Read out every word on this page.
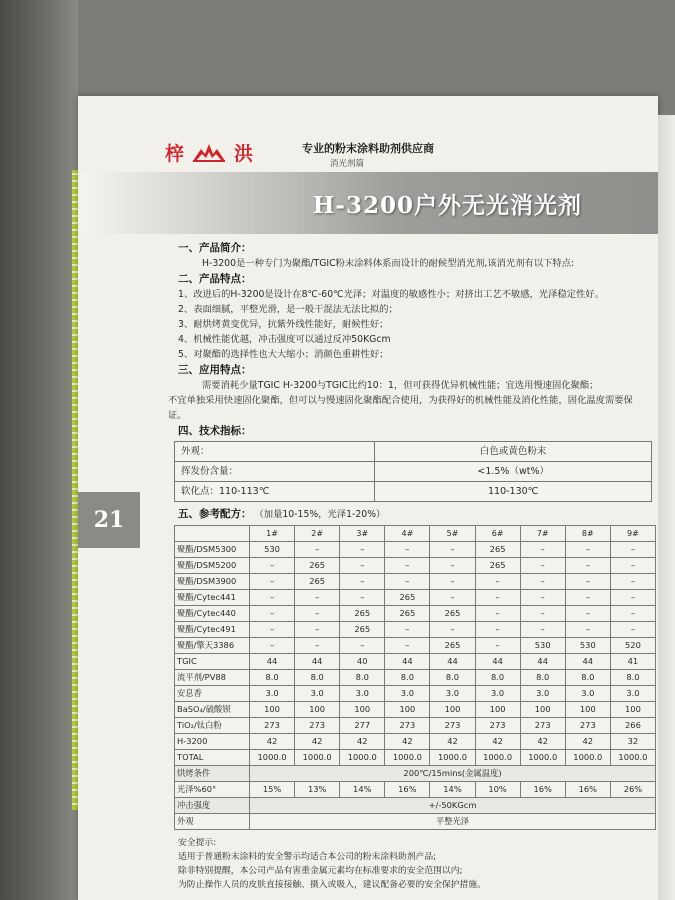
21
梓	洪	专业的粉末涂料助剂供应商
消光剂篇
H-3200户外无光消光剂
一、产品简介：
H-3200是一种专门为聚酯/TGIC粉末涂料体系而设计的耐候型消光剂,该消光剂有以下特点:
二、产品特点：
1、改进后的H-3200是设计在8℃-60℃光泽；对温度的敏感性小；对挤出工艺不敏感，光泽稳定性好。
2、表面细腻，平整光滑，是一般干混法无法比拟的；
3、耐烘烤黄变优异，抗紫外线性能好，耐候性好；
4、机械性能优越，冲击强度可以通过反冲50KGcm
5、对聚酯的选择性也大大缩小；消颜色重耕性好；
三、应用特点：
需要消耗少量TGIC H-3200与TGIC比约10：1，但可获得优异机械性能；宜选用慢速固化聚酯；
不宜单独采用快速固化聚酯，但可以与慢速固化聚酯配合使用，为获得好的机械性能及消化性能，固化温度需要保证。
四、技术指标：
外观：	白色或黄色粉末
挥发份含量：	<1.5%（wt%）
软化点：110-113℃	110-130℃
五、参考配方： （加量10-15%，光泽1-20%）
	1#	2#	3#	4#	5#	6#	7#	8#	9#
聚酯/DSM5300	530	–	–	–	–	265	–	–	–
聚酯/DSM5200	–	265	–	–	–	265	–	–	–
聚酯/DSM3900	–	265	–	–	–	–	–	–	–
聚酯/Cytec441	–	–	–	265	–	–	–	–	–
聚酯/Cytec440	–	–	265	265	265	–	–	–	–
聚酯/Cytec491	–	–	265	–	–	–	–	–	–
聚酯/擎天3386	–	–	–	–	265	–	530	530	520
TGIC	44	44	40	44	44	44	44	44	41
流平剂/PV88	8.0	8.0	8.0	8.0	8.0	8.0	8.0	8.0	8.0
安息香	3.0	3.0	3.0	3.0	3.0	3.0	3.0	3.0	3.0
BaSO₄/硫酸钡	100	100	100	100	100	100	100	100	100
TiO₂/钛白粉	273	273	277	273	273	273	273	273	266
H-3200	42	42	42	42	42	42	42	42	32
TOTAL	1000.0	1000.0	1000.0	1000.0	1000.0	1000.0	1000.0	1000.0	1000.0
烘烤条件	200℃/15mins(金属温度)								
光泽%60°	15%	13%	14%	16%	14%	10%	16%	16%	26%
冲击强度	+/-50KGcm								
外观	平整光泽								
安全提示:
适用于普通粉末涂料的安全警示均适合本公司的粉末涂料助剂产品;
除非特别提醒，本公司产品有害重金属元素均在标准要求的安全范围以内;
为防止操作人员的皮肤直接接触、摄入或吸入，建议配备必要的安全保护措施。
